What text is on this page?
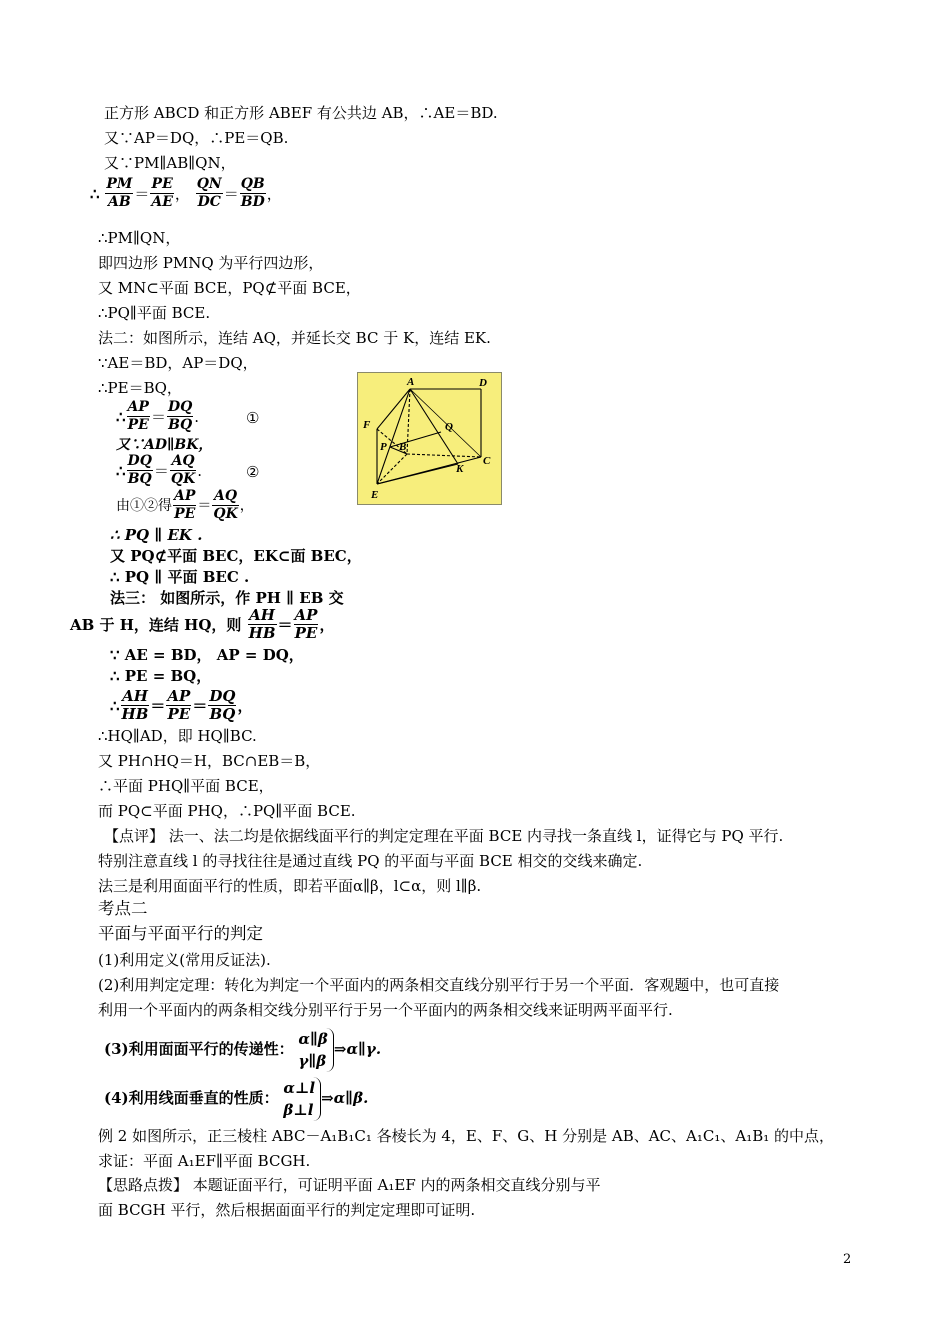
正方形 ABCD 和正方形 ABEF 有公共边 AB，∴AE＝BD.
又∵AP＝DQ，∴PE＝QB.
又∵PM∥AB∥QN，
∴ $\frac{PM}{AB} = \frac{PE}{AE}$ ， $\frac{QN}{DC} = \frac{QB}{BD}$ ，
∴PM∥QN，
即四边形 PMNQ 为平行四边形，
又 MN⊂平面 BCE，PQ⊄平面 BCE，
∴PQ∥平面 BCE.
法二：如图所示，连结 AQ，并延长交 BC 于 K，连结 EK.
∵AE＝BD，AP＝DQ，
∴PE＝BQ，
∴ $\frac{AP}{PE} = \frac{DQ}{BQ}$ .	①
又∵AD∥BK，
∴ $\frac{DQ}{BQ} = \frac{AQ}{QK}$ .	②
由①②得 $\frac{AP}{PE} = \frac{AQ}{QK}$ ，
∴ PQ ∥ EK .
又 PQ⊄平面 BEC，EK⊂面 BEC，
∴ PQ ∥ 平面 BEC .
法三： 如图所示，作 PH ∥ EB 交
AB 于 H，连结 HQ，则 $\frac{AH}{HB} = \frac{AP}{PE}$ ，
∵ AE = BD， AP = DQ，
∴ PE = BQ，
∴ $\frac{AH}{HB} = \frac{AP}{PE} = \frac{DQ}{BQ}$ ，
∴HQ∥AD，即 HQ∥BC.
又 PH∩HQ＝H，BC∩EB＝B，
∴平面 PHQ∥平面 BCE，
而 PQ⊂平面 PHQ，∴PQ∥平面 BCE.
【点评】 法一、法二均是依据线面平行的判定定理在平面 BCE 内寻找一条直线 l，证得它与 PQ 平行.
特别注意直线 l 的寻找往往是通过直线 PQ 的平面与平面 BCE 相交的交线来确定.
法三是利用面面平行的性质，即若平面α∥β，l⊂α，则 l∥β.
考点二
平面与平面平行的判定
(1)利用定义(常用反证法).
(2)利用判定定理：转化为判定一个平面内的两条相交直线分别平行于另一个平面．客观题中，也可直接
利用一个平面内的两条相交线分别平行于另一个平面内的两条相交线来证明两平面平行.
(3)利用面面平行的传递性：
α∥β
γ∥β
⇒α∥γ.
(4)利用线面垂直的性质：
α⊥l
β⊥l
⇒α∥β.
例 2 如图所示，正三棱柱 ABC－A₁B₁C₁ 各棱长为 4，E、F、G、H 分别是 AB、AC、A₁C₁、A₁B₁ 的中点，
求证：平面 A₁EF∥平面 BCGH.
【思路点拨】 本题证面平行，可证明平面 A₁EF 内的两条相交直线分别与平
面 BCGH 平行，然后根据面面平行的判定定理即可证明.
A	D
F	Q
P B
K
C
E
2
